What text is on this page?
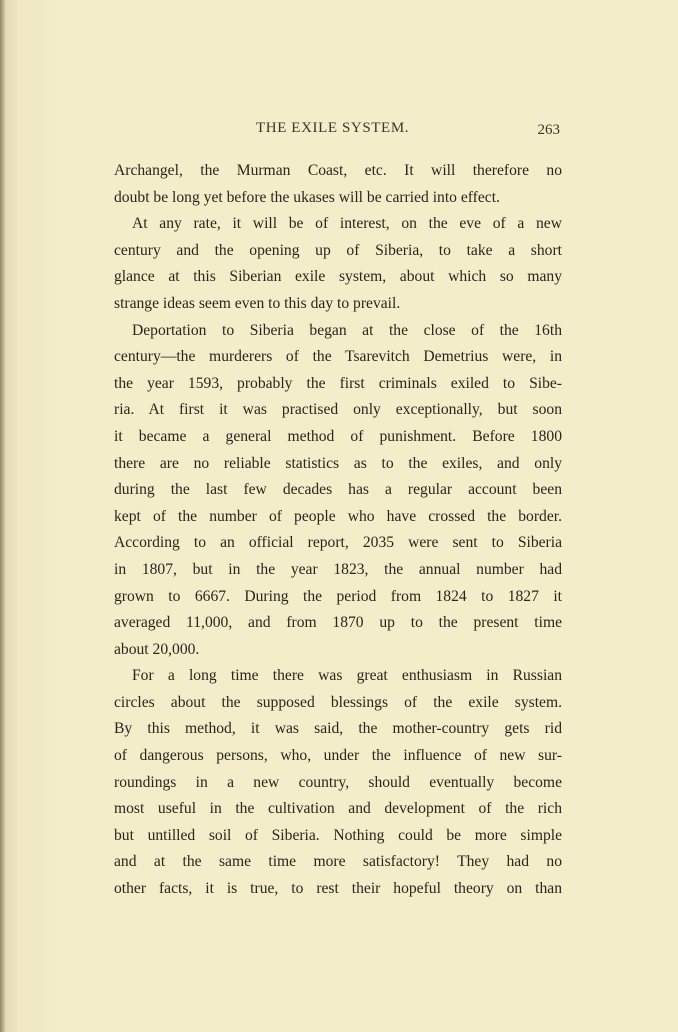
THE EXILE SYSTEM.	263
Archangel, the Murman Coast, etc. It will therefore no
doubt be long yet before the ukases will be carried into effect.
At any rate, it will be of interest, on the eve of a new
century and the opening up of Siberia, to take a short
glance at this Siberian exile system, about which so many
strange ideas seem even to this day to prevail.
Deportation to Siberia began at the close of the 16th
century—the murderers of the Tsarevitch Demetrius were, in
the year 1593, probably the first criminals exiled to Sibe-
ria. At first it was practised only exceptionally, but soon
it became a general method of punishment. Before 1800
there are no reliable statistics as to the exiles, and only
during the last few decades has a regular account been
kept of the number of people who have crossed the border.
According to an official report, 2035 were sent to Siberia
in 1807, but in the year 1823, the annual number had
grown to 6667. During the period from 1824 to 1827 it
averaged 11,000, and from 1870 up to the present time
about 20,000.
For a long time there was great enthusiasm in Russian
circles about the supposed blessings of the exile system.
By this method, it was said, the mother-country gets rid
of dangerous persons, who, under the influence of new sur-
roundings in a new country, should eventually become
most useful in the cultivation and development of the rich
but untilled soil of Siberia. Nothing could be more simple
and at the same time more satisfactory! They had no
other facts, it is true, to rest their hopeful theory on than
